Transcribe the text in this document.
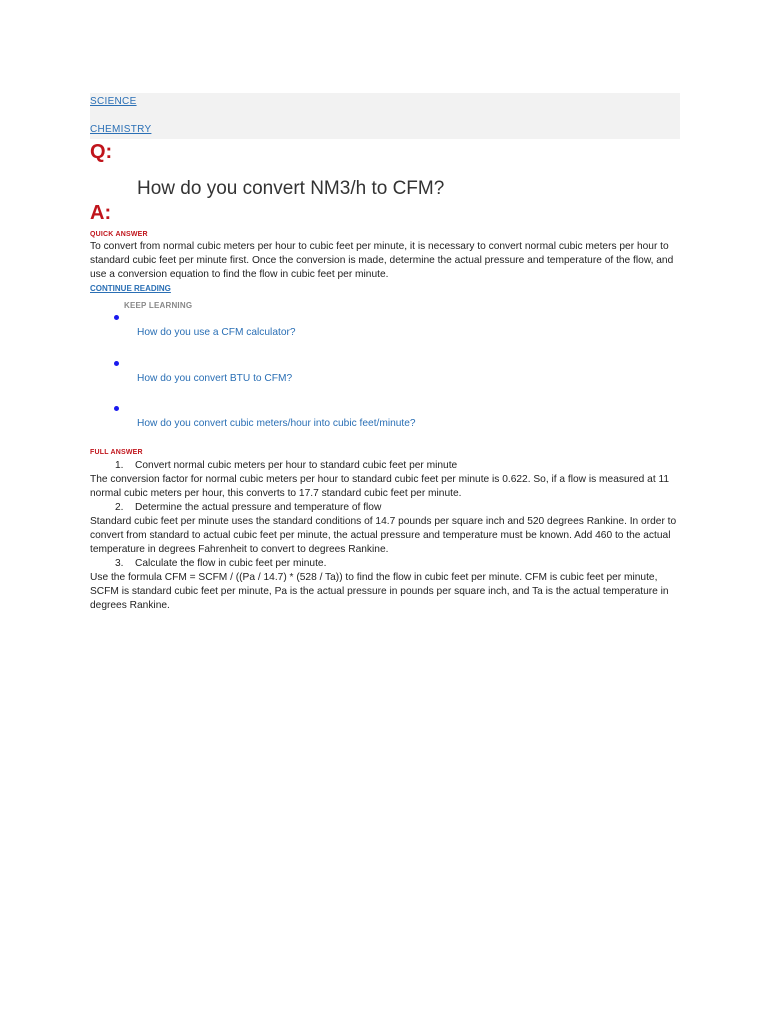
SCIENCE
CHEMISTRY
Q:
How do you convert NM3/h to CFM?
A:
QUICK ANSWER

To convert from normal cubic meters per hour to cubic feet per minute, it is necessary to convert normal cubic meters per hour to standard cubic feet per minute first. Once the conversion is made, determine the actual pressure and temperature of the flow, and use a conversion equation to find the flow in cubic feet per minute.

CONTINUE READING
KEEP LEARNING
How do you use a CFM calculator?
How do you convert BTU to CFM?
How do you convert cubic meters/hour into cubic feet/minute?
FULL ANSWER

1. Convert normal cubic meters per hour to standard cubic feet per minute

The conversion factor for normal cubic meters per hour to standard cubic feet per minute is 0.622. So, if a flow is measured at 11 normal cubic meters per hour, this converts to 17.7 standard cubic feet per minute.

2. Determine the actual pressure and temperature of flow

Standard cubic feet per minute uses the standard conditions of 14.7 pounds per square inch and 520 degrees Rankine. In order to convert from standard to actual cubic feet per minute, the actual pressure and temperature must be known. Add 460 to the actual temperature in degrees Fahrenheit to convert to degrees Rankine.

3. Calculate the flow in cubic feet per minute.

Use the formula CFM = SCFM / ((Pa / 14.7) * (528 / Ta)) to find the flow in cubic feet per minute. CFM is cubic feet per minute, SCFM is standard cubic feet per minute, Pa is the actual pressure in pounds per square inch, and Ta is the actual temperature in degrees Rankine.
